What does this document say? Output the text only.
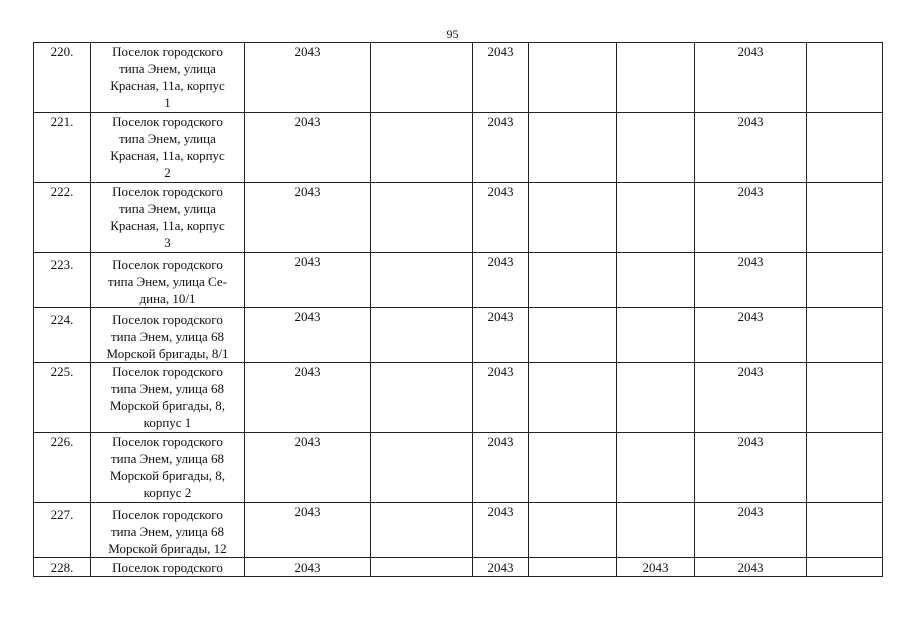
95
220.	Поселок городского
типа Энем, улица
Красная, 11а, корпус
1	2043		2043			2043	
221.	Поселок городского
типа Энем, улица
Красная, 11а, корпус
2	2043		2043			2043	
222.	Поселок городского
типа Энем, улица
Красная, 11а, корпус
3	2043		2043			2043	
223.	Поселок городского
типа Энем, улица Се-
дина, 10/1	2043		2043			2043	
224.	Поселок городского
типа Энем, улица 68
Морской бригады, 8/1	2043		2043			2043	
225.	Поселок городского
типа Энем, улица 68
Морской бригады, 8,
корпус 1	2043		2043			2043	
226.	Поселок городского
типа Энем, улица 68
Морской бригады, 8,
корпус 2	2043		2043			2043	
227.	Поселок городского
типа Энем, улица 68
Морской бригады, 12	2043		2043			2043	
228.	Поселок городского	2043		2043		2043	2043	
